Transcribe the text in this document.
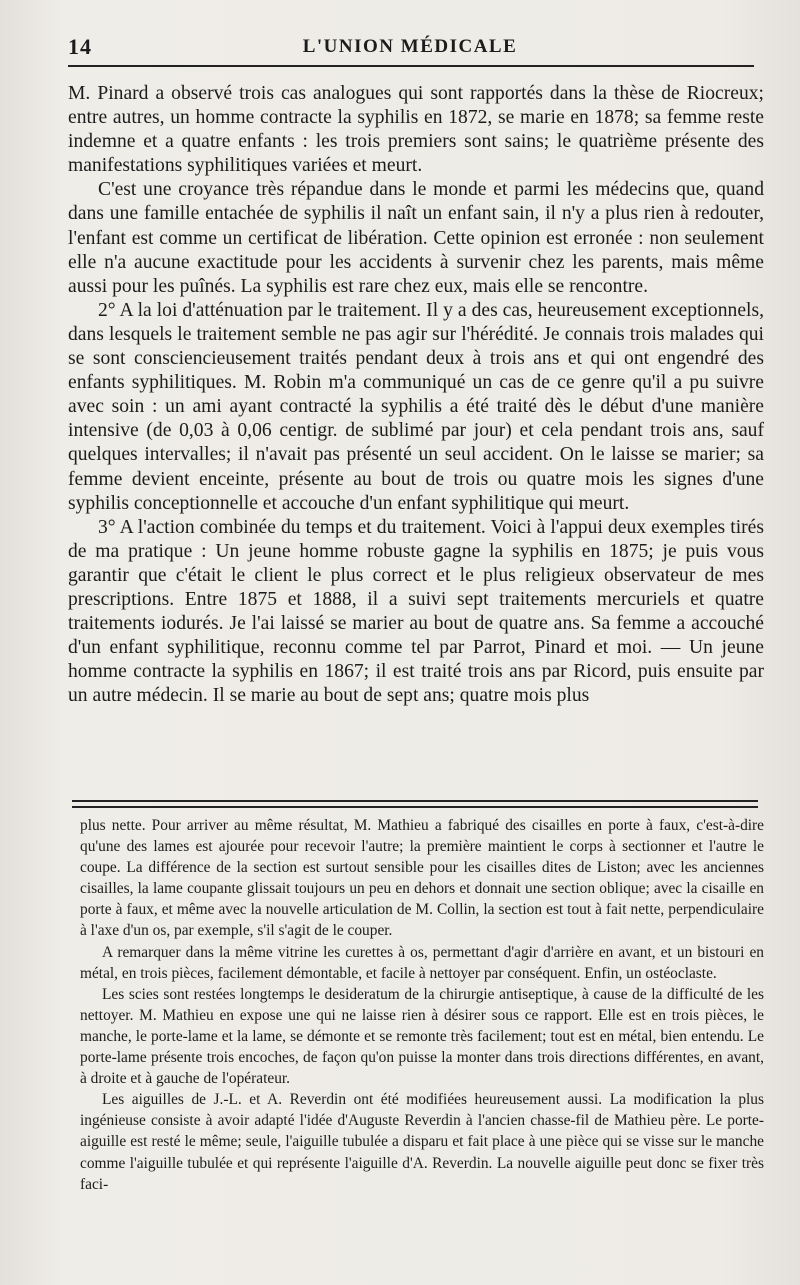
14	L'UNION MÉDICALE

M. Pinard a observé trois cas analogues qui sont rapportés dans la thèse de Riocreux; entre autres, un homme contracte la syphilis en 1872, se marie en 1878; sa femme reste indemne et a quatre enfants : les trois premiers sont sains; le quatrième présente des manifestations syphilitiques variées et meurt.

C'est une croyance très répandue dans le monde et parmi les médecins que, quand dans une famille entachée de syphilis il naît un enfant sain, il n'y a plus rien à redouter, l'enfant est comme un certificat de libération. Cette opinion est erronée : non seulement elle n'a aucune exactitude pour les accidents à survenir chez les parents, mais même aussi pour les puînés. La syphilis est rare chez eux, mais elle se rencontre.

2° A la loi d'atténuation par le traitement. Il y a des cas, heureusement exceptionnels, dans lesquels le traitement semble ne pas agir sur l'hérédité. Je connais trois malades qui se sont consciencieusement traités pendant deux à trois ans et qui ont engendré des enfants syphilitiques. M. Robin m'a communiqué un cas de ce genre qu'il a pu suivre avec soin : un ami ayant contracté la syphilis a été traité dès le début d'une manière intensive (de 0,03 à 0,06 centigr. de sublimé par jour) et cela pendant trois ans, sauf quelques intervalles; il n'avait pas présenté un seul accident. On le laisse se marier; sa femme devient enceinte, présente au bout de trois ou quatre mois les signes d'une syphilis conceptionnelle et accouche d'un enfant syphilitique qui meurt.

3° A l'action combinée du temps et du traitement. Voici à l'appui deux exemples tirés de ma pratique : Un jeune homme robuste gagne la syphilis en 1875; je puis vous garantir que c'était le client le plus correct et le plus religieux observateur de mes prescriptions. Entre 1875 et 1888, il a suivi sept traitements mercuriels et quatre traitements iodurés. Je l'ai laissé se marier au bout de quatre ans. Sa femme a accouché d'un enfant syphilitique, reconnu comme tel par Parrot, Pinard et moi. — Un jeune homme contracte la syphilis en 1867; il est traité trois ans par Ricord, puis ensuite par un autre médecin. Il se marie au bout de sept ans; quatre mois plus

plus nette. Pour arriver au même résultat, M. Mathieu a fabriqué des cisailles en porte à faux, c'est-à-dire qu'une des lames est ajourée pour recevoir l'autre; la première maintient le corps à sectionner et l'autre le coupe. La différence de la section est surtout sensible pour les cisailles dites de Liston; avec les anciennes cisailles, la lame coupante glissait toujours un peu en dehors et donnait une section oblique; avec la cisaille en porte à faux, et même avec la nouvelle articulation de M. Collin, la section est tout à fait nette, perpendiculaire à l'axe d'un os, par exemple, s'il s'agit de le couper.

A remarquer dans la même vitrine les curettes à os, permettant d'agir d'arrière en avant, et un bistouri en métal, en trois pièces, facilement démontable, et facile à nettoyer par conséquent. Enfin, un ostéoclaste.

Les scies sont restées longtemps le desideratum de la chirurgie antiseptique, à cause de la difficulté de les nettoyer. M. Mathieu en expose une qui ne laisse rien à désirer sous ce rapport. Elle est en trois pièces, le manche, le porte-lame et la lame, se démonte et se remonte très facilement; tout est en métal, bien entendu. Le porte-lame présente trois encoches, de façon qu'on puisse la monter dans trois directions différentes, en avant, à droite et à gauche de l'opérateur.

Les aiguilles de J.-L. et A. Reverdin ont été modifiées heureusement aussi. La modification la plus ingénieuse consiste à avoir adapté l'idée d'Auguste Reverdin à l'ancien chasse-fil de Mathieu père. Le porte-aiguille est resté le même; seule, l'aiguille tubulée a disparu et fait place à une pièce qui se visse sur le manche comme l'aiguille tubulée et qui représente l'aiguille d'A. Reverdin. La nouvelle aiguille peut donc se fixer très faci-
